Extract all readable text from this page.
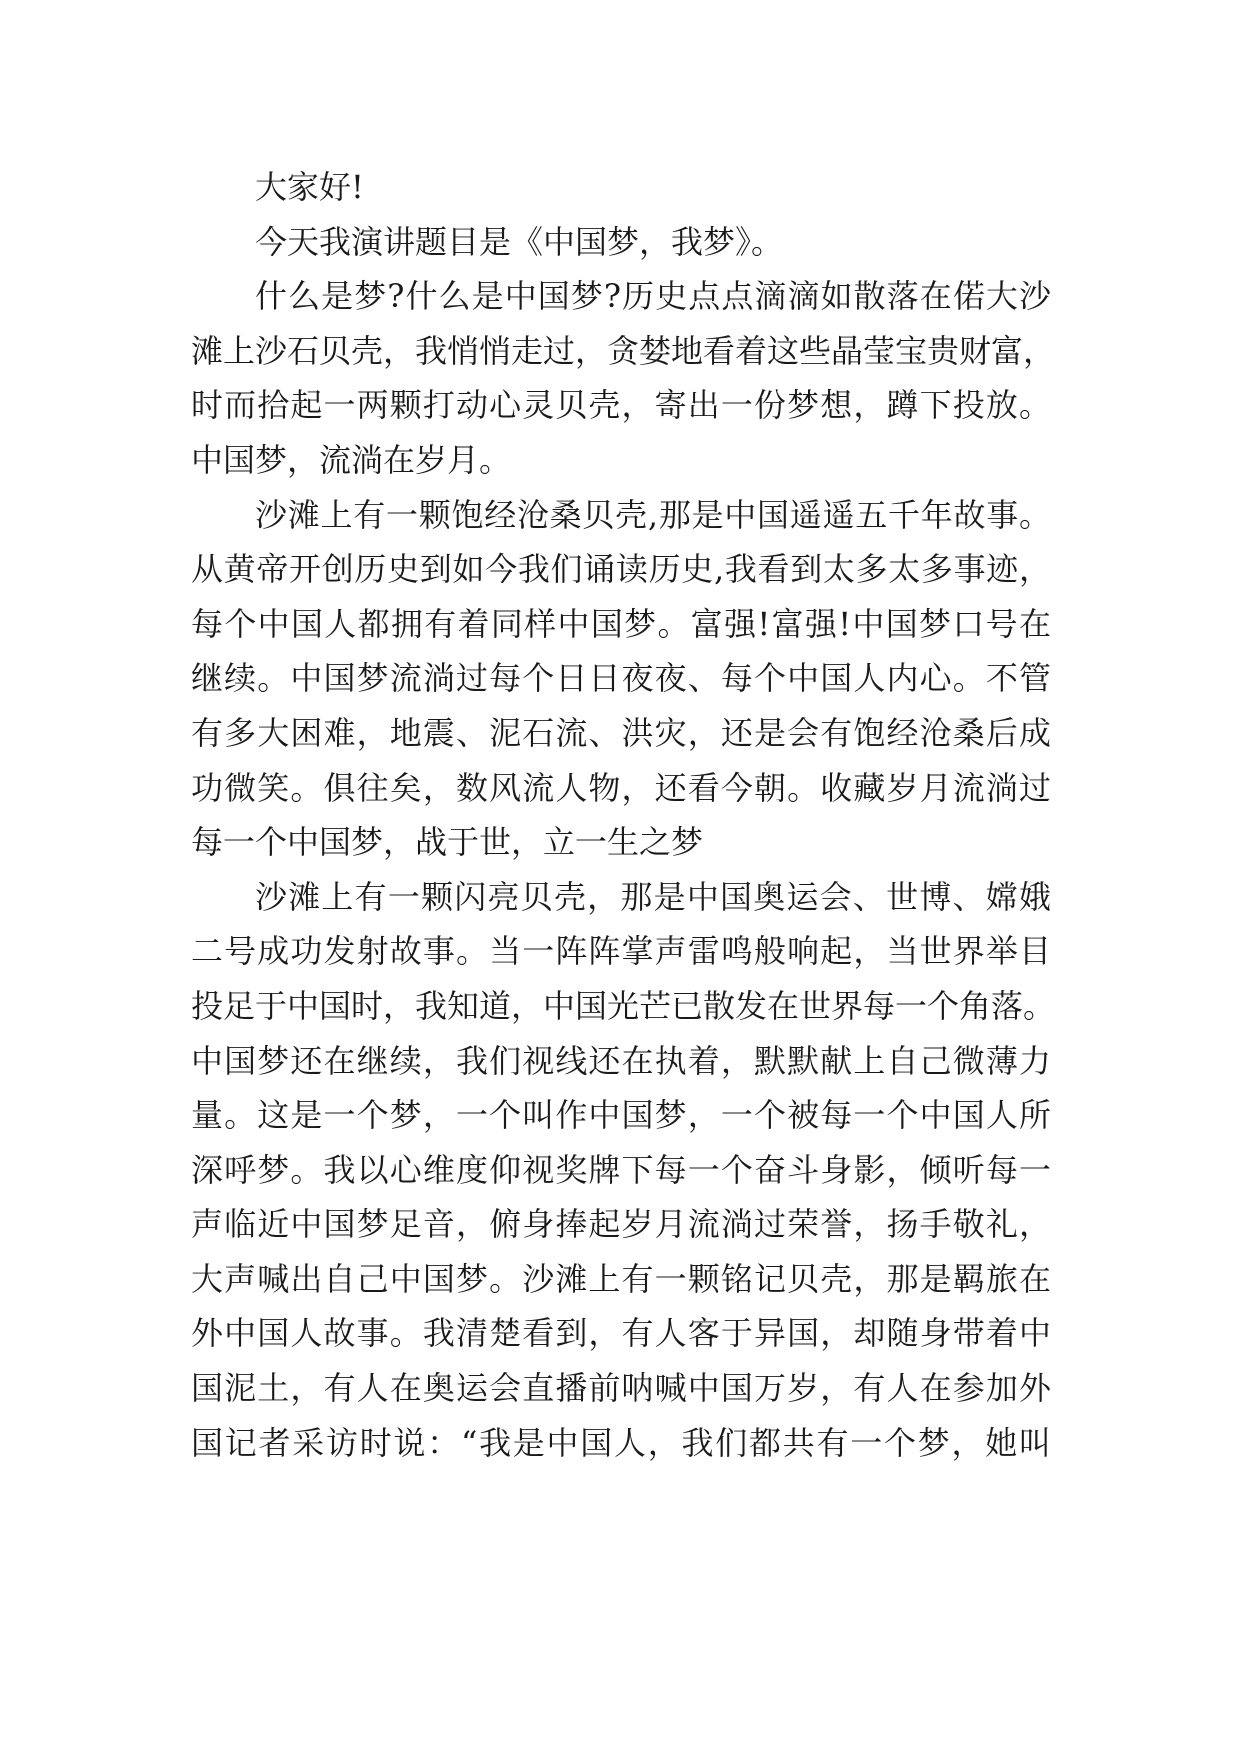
大家好!
今天我演讲题目是《中国梦，我梦》。
什么是梦?什么是中国梦?历史点点滴滴如散落在偌大沙
滩上沙石贝壳，我悄悄走过，贪婪地看着这些晶莹宝贵财富，
时而拾起一两颗打动心灵贝壳，寄出一份梦想，蹲下投放。
中国梦，流淌在岁月。
沙滩上有一颗饱经沧桑贝壳,那是中国遥遥五千年故事。
从黄帝开创历史到如今我们诵读历史,我看到太多太多事迹，
每个中国人都拥有着同样中国梦。富强!富强!中国梦口号在
继续。中国梦流淌过每个日日夜夜、每个中国人内心。不管
有多大困难，地震、泥石流、洪灾，还是会有饱经沧桑后成
功微笑。俱往矣，数风流人物，还看今朝。收藏岁月流淌过
每一个中国梦，战于世，立一生之梦
沙滩上有一颗闪亮贝壳，那是中国奥运会、世博、嫦娥
二号成功发射故事。当一阵阵掌声雷鸣般响起，当世界举目
投足于中国时，我知道，中国光芒已散发在世界每一个角落。
中国梦还在继续，我们视线还在执着，默默献上自己微薄力
量。这是一个梦，一个叫作中国梦，一个被每一个中国人所
深呼梦。我以心维度仰视奖牌下每一个奋斗身影，倾听每一
声临近中国梦足音，俯身捧起岁月流淌过荣誉，扬手敬礼，
大声喊出自己中国梦。沙滩上有一颗铭记贝壳，那是羁旅在
外中国人故事。我清楚看到，有人客于异国，却随身带着中
国泥土，有人在奥运会直播前呐喊中国万岁，有人在参加外
国记者采访时说：“我是中国人，我们都共有一个梦，她叫
